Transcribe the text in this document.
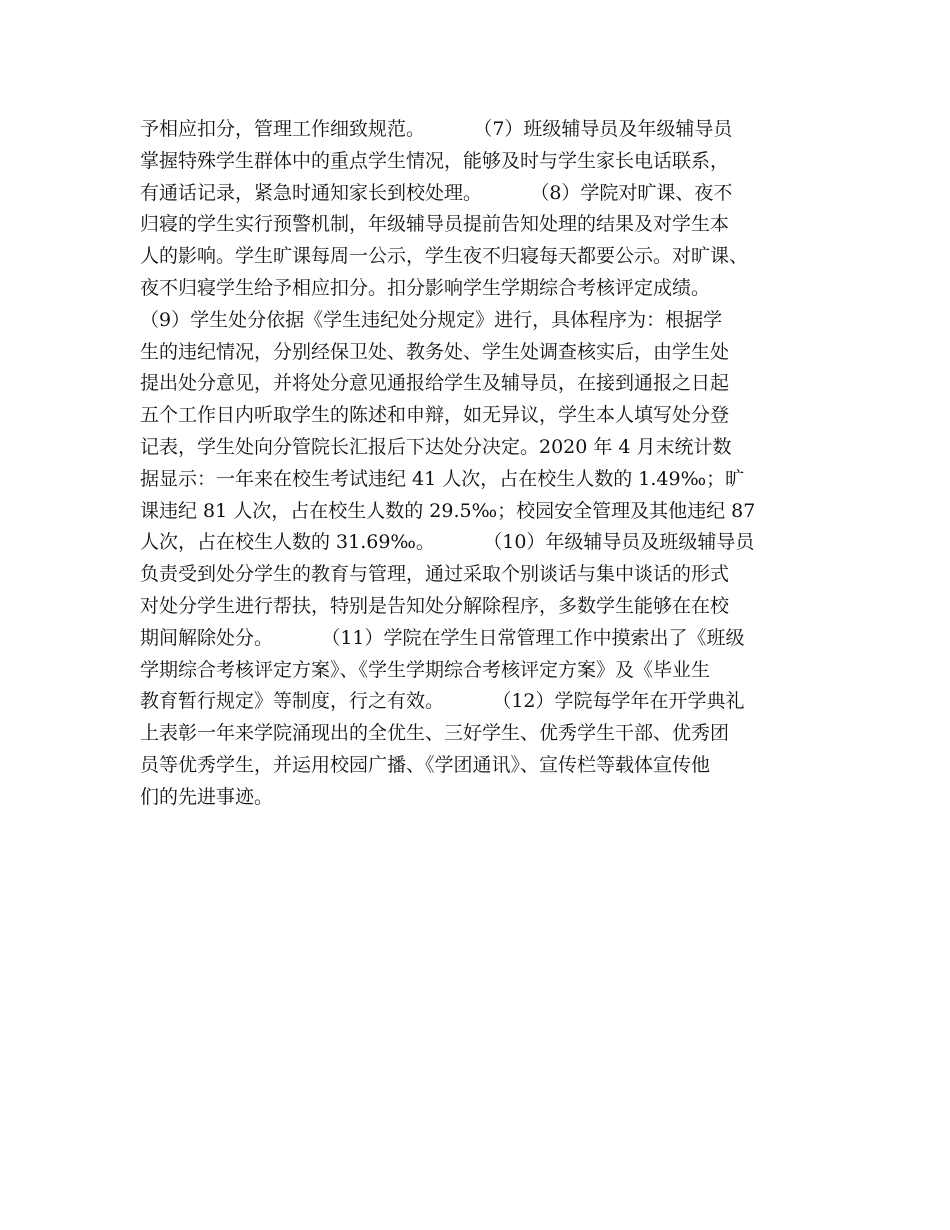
予相应扣分，管理工作细致规范。        （7）班级辅导员及年级辅导员
掌握特殊学生群体中的重点学生情况，能够及时与学生家长电话联系，
有通话记录，紧急时通知家长到校处理。        （8）学院对旷课、夜不
归寝的学生实行预警机制，年级辅导员提前告知处理的结果及对学生本
人的影响。学生旷课每周一公示，学生夜不归寝每天都要公示。对旷课、
夜不归寝学生给予相应扣分。扣分影响学生学期综合考核评定成绩。
（9）学生处分依据《学生违纪处分规定》进行，具体程序为：根据学
生的违纪情况，分别经保卫处、教务处、学生处调查核实后，由学生处
提出处分意见，并将处分意见通报给学生及辅导员，在接到通报之日起
五个工作日内听取学生的陈述和申辩，如无异议，学生本人填写处分登
记表，学生处向分管院长汇报后下达处分决定。2020 年 4 月末统计数
据显示：一年来在校生考试违纪 41 人次，占在校生人数的 1.49‰；旷
课违纪 81 人次，占在校生人数的 29.5‰；校园安全管理及其他违纪 87
人次，占在校生人数的 31.69‰。        （10）年级辅导员及班级辅导员
负责受到处分学生的教育与管理，通过采取个别谈话与集中谈话的形式
对处分学生进行帮扶，特别是告知处分解除程序，多数学生能够在在校
期间解除处分。        （11）学院在学生日常管理工作中摸索出了《班级
学期综合考核评定方案》、《学生学期综合考核评定方案》及《毕业生
教育暂行规定》等制度，行之有效。        （12）学院每学年在开学典礼
上表彰一年来学院涌现出的全优生、三好学生、优秀学生干部、优秀团
员等优秀学生，并运用校园广播、《学团通讯》、宣传栏等载体宣传他
们的先进事迹。
